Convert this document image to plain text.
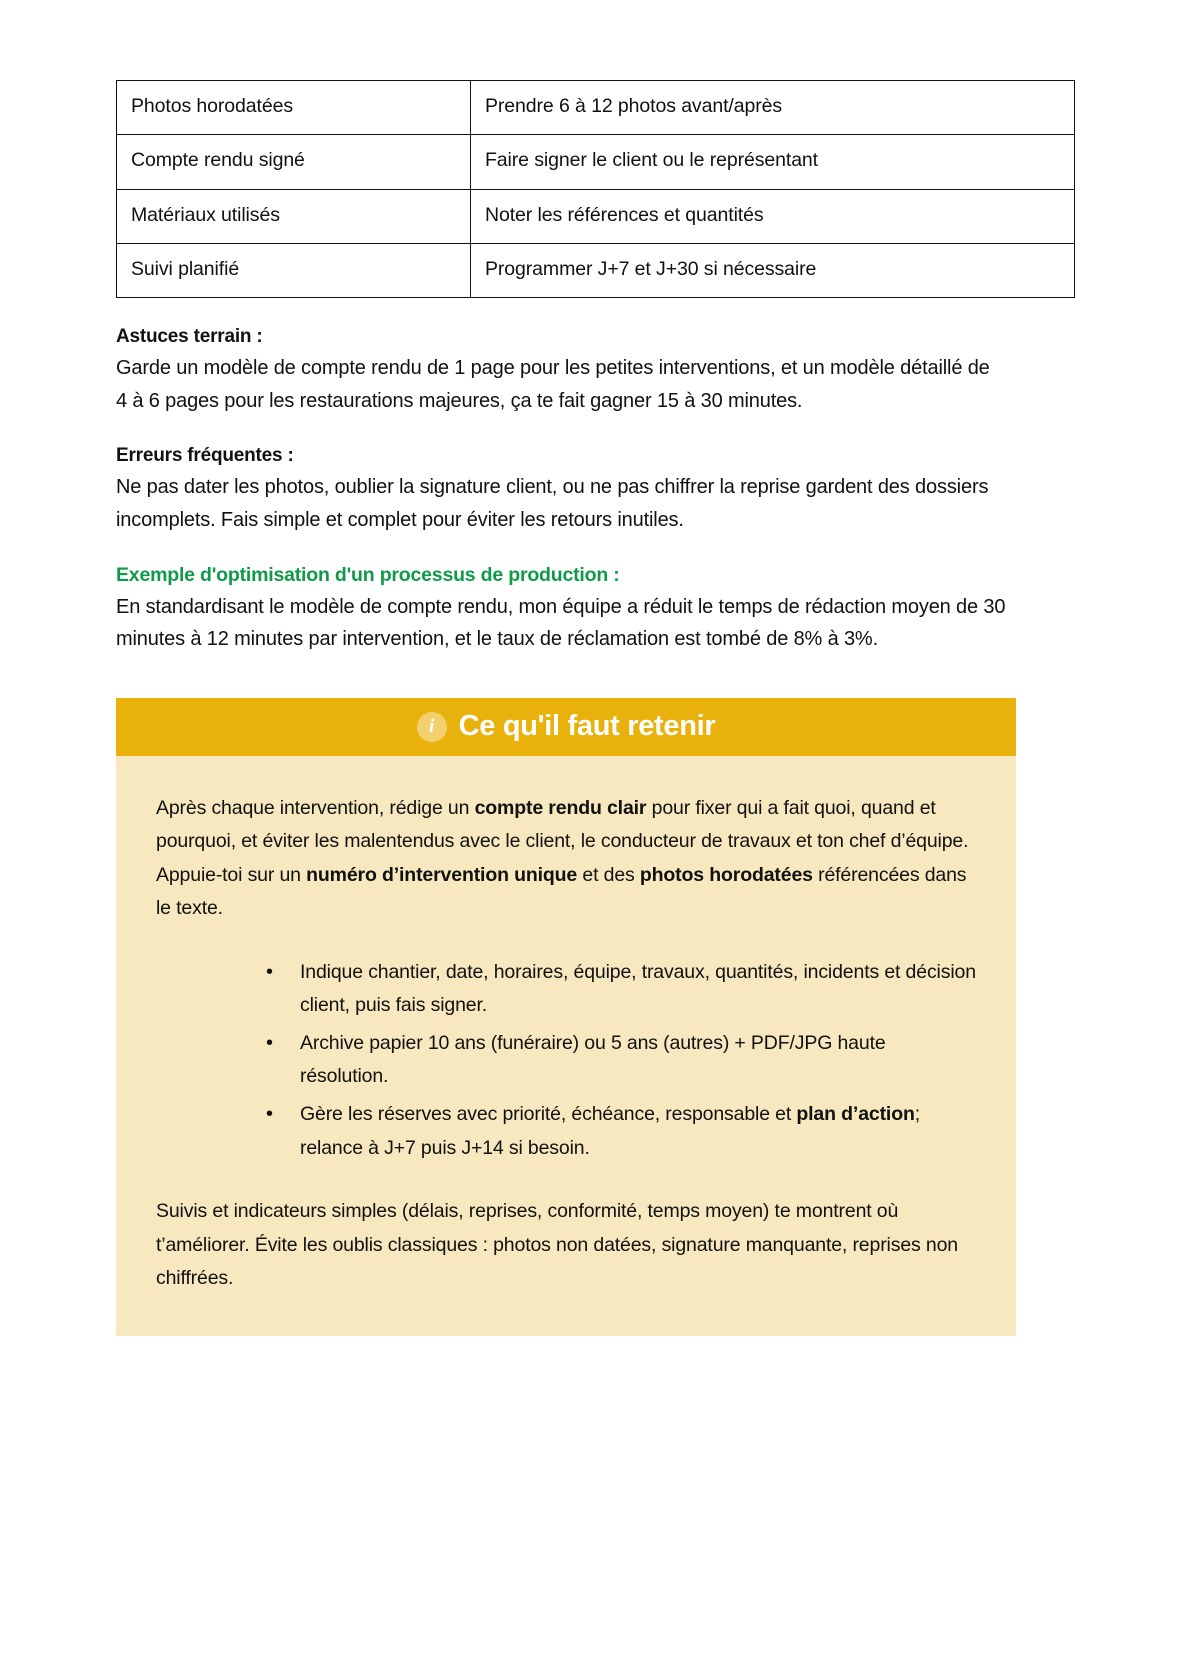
Photos horodatées	Prendre 6 à 12 photos avant/après
Compte rendu signé	Faire signer le client ou le représentant
Matériaux utilisés	Noter les références et quantités
Suivi planifié	Programmer J+7 et J+30 si nécessaire
Astuces terrain :

Garde un modèle de compte rendu de 1 page pour les petites interventions, et un modèle détaillé de 4 à 6 pages pour les restaurations majeures, ça te fait gagner 15 à 30 minutes.

Erreurs fréquentes :

Ne pas dater les photos, oublier la signature client, ou ne pas chiffrer la reprise gardent des dossiers incomplets. Fais simple et complet pour éviter les retours inutiles.

Exemple d'optimisation d'un processus de production :

En standardisant le modèle de compte rendu, mon équipe a réduit le temps de rédaction moyen de 30 minutes à 12 minutes par intervention, et le taux de réclamation est tombé de 8% à 3%.

i Ce qu'il faut retenir

Après chaque intervention, rédige un compte rendu clair pour fixer qui a fait quoi, quand et pourquoi, et éviter les malentendus avec le client, le conducteur de travaux et ton chef d’équipe. Appuie-toi sur un numéro d’intervention unique et des photos horodatées référencées dans le texte.

• Indique chantier, date, horaires, équipe, travaux, quantités, incidents et décision client, puis fais signer.
• Archive papier 10 ans (funéraire) ou 5 ans (autres) + PDF/JPG haute résolution.
• Gère les réserves avec priorité, échéance, responsable et plan d’action; relance à J+7 puis J+14 si besoin.

Suivis et indicateurs simples (délais, reprises, conformité, temps moyen) te montrent où t’améliorer. Évite les oublis classiques : photos non datées, signature manquante, reprises non chiffrées.
